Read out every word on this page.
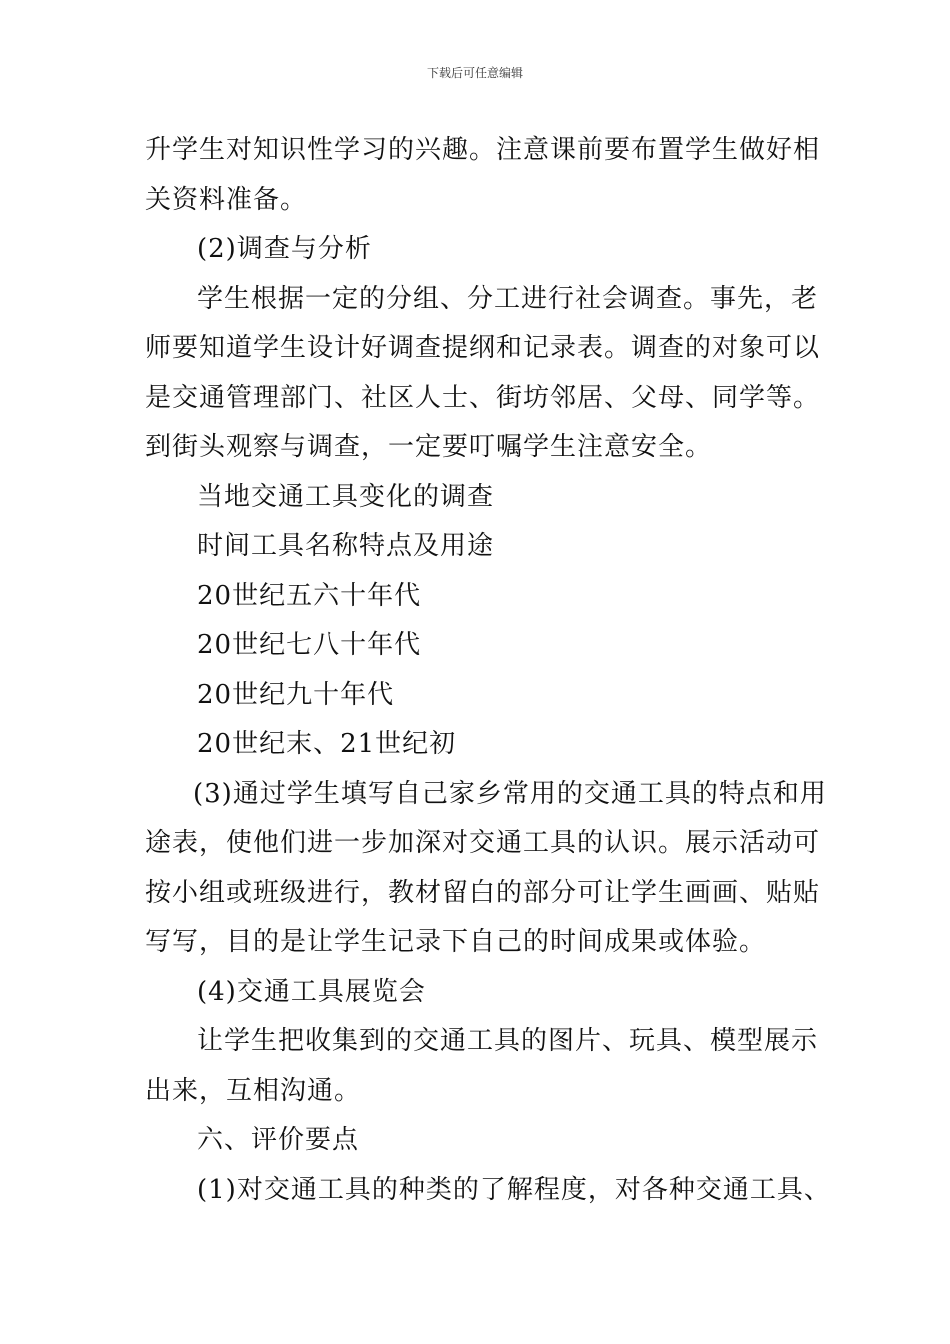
下载后可任意编辑
升学生对知识性学习的兴趣。注意课前要布置学生做好相
关资料准备。
(2)调查与分析
学生根据一定的分组、分工进行社会调查。事先，老
师要知道学生设计好调查提纲和记录表。调查的对象可以
是交通管理部门、社区人士、街坊邻居、父母、同学等。
到街头观察与调查，一定要叮嘱学生注意安全。
当地交通工具变化的调查
时间工具名称特点及用途
20世纪五六十年代
20世纪七八十年代
20世纪九十年代
20世纪末、21世纪初
(3)通过学生填写自己家乡常用的交通工具的特点和用
途表，使他们进一步加深对交通工具的认识。展示活动可
按小组或班级进行，教材留白的部分可让学生画画、贴贴
写写，目的是让学生记录下自己的时间成果或体验。
(4)交通工具展览会
让学生把收集到的交通工具的图片、玩具、模型展示
出来，互相沟通。
六、评价要点
(1)对交通工具的种类的了解程度，对各种交通工具、
